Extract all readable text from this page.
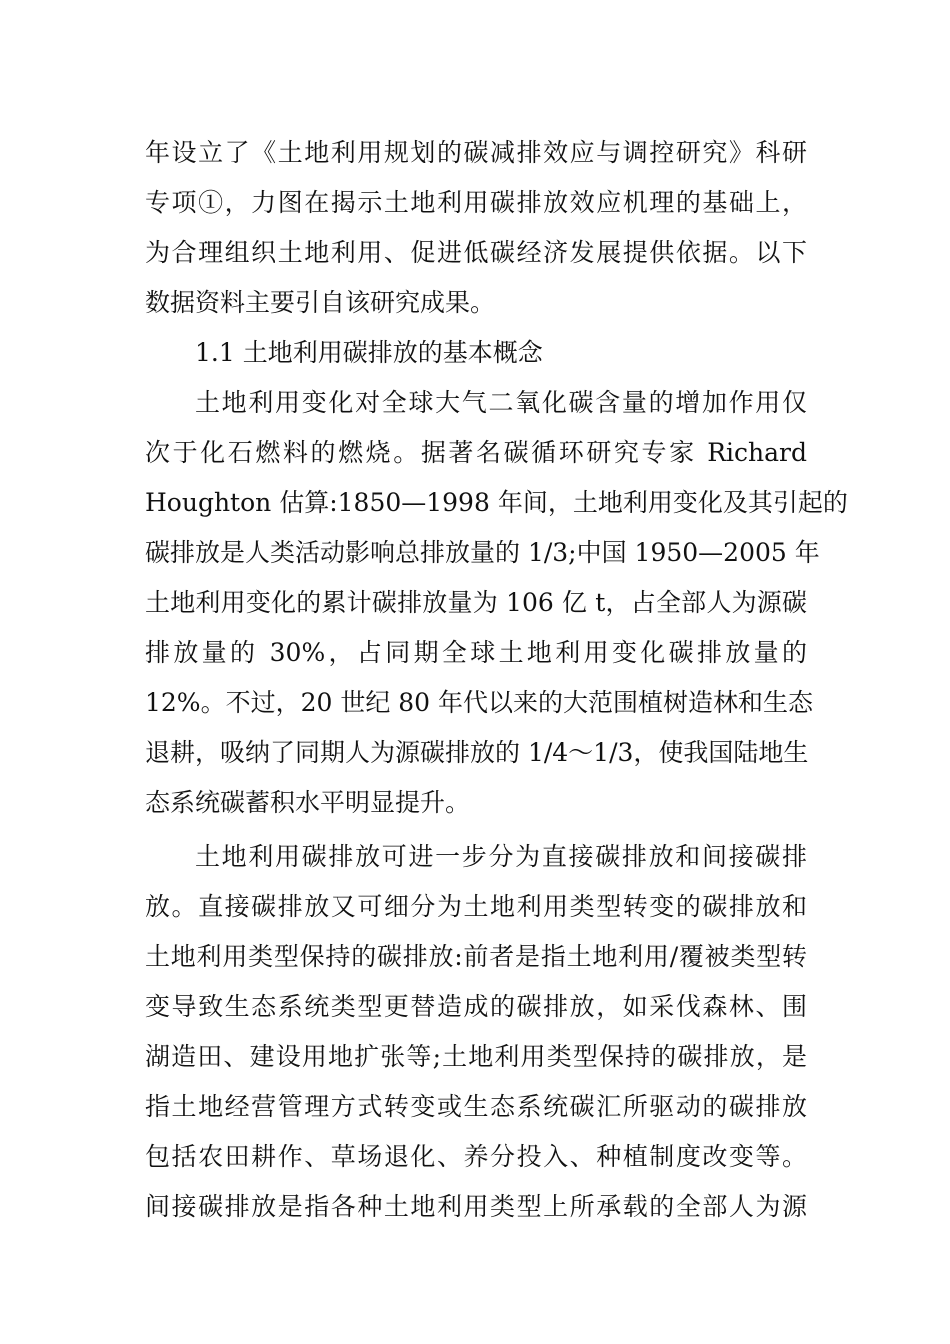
年设立了《土地利用规划的碳减排效应与调控研究》科研
专项①，力图在揭示土地利用碳排放效应机理的基础上，
为合理组织土地利用、促进低碳经济发展提供依据。以下
数据资料主要引自该研究成果。
1.1 土地利用碳排放的基本概念
土地利用变化对全球大气二氧化碳含量的增加作用仅
次于化石燃料的燃烧。据著名碳循环研究专家 Richard
Houghton 估算:1850—1998 年间，土地利用变化及其引起的
碳排放是人类活动影响总排放量的 1/3;中国 1950—2005 年
土地利用变化的累计碳排放量为 106 亿 t，占全部人为源碳
排放量的 30%，占同期全球土地利用变化碳排放量的
12%。不过，20 世纪 80 年代以来的大范围植树造林和生态
退耕，吸纳了同期人为源碳排放的 1/4～1/3，使我国陆地生
态系统碳蓄积水平明显提升。
土地利用碳排放可进一步分为直接碳排放和间接碳排
放。直接碳排放又可细分为土地利用类型转变的碳排放和
土地利用类型保持的碳排放:前者是指土地利用/覆被类型转
变导致生态系统类型更替造成的碳排放，如采伐森林、围
湖造田、建设用地扩张等;土地利用类型保持的碳排放，是
指土地经营管理方式转变或生态系统碳汇所驱动的碳排放
包括农田耕作、草场退化、养分投入、种植制度改变等。
间接碳排放是指各种土地利用类型上所承载的全部人为源
